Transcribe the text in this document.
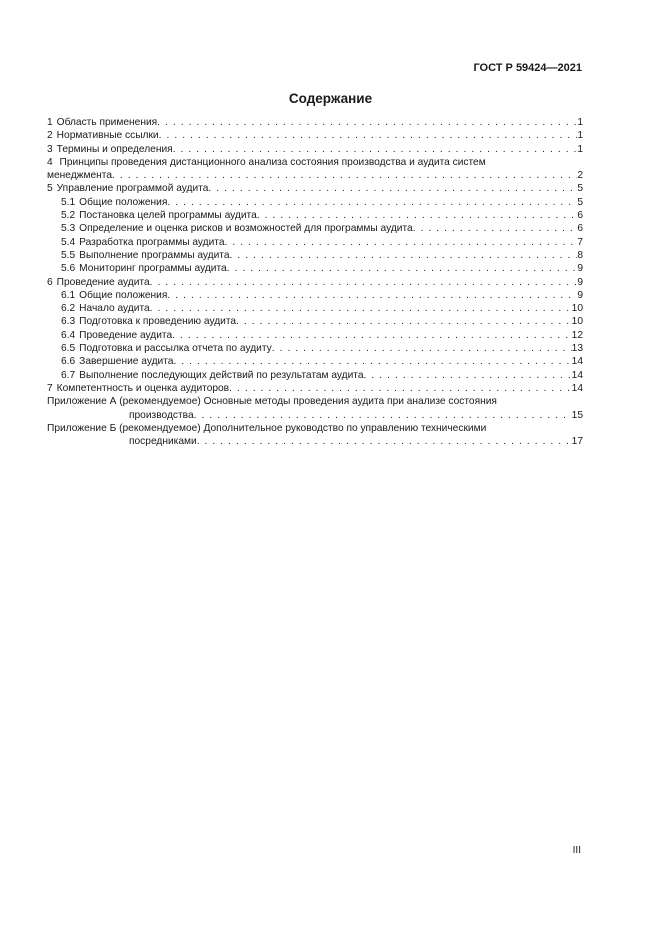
ГОСТ Р 59424—2021
Содержание
1 Область применения . . .	1
2 Нормативные ссылки . . .	1
3 Термины и определения . . .	1
4 Принципы проведения дистанционного анализа состояния производства и аудита систем
менеджмента . . .	2
5 Управление программой аудита . . .	5
5.1 Общие положения . . .	5
5.2 Постановка целей программы аудита . . .	6
5.3 Определение и оценка рисков и возможностей для программы аудита . . .	6
5.4 Разработка программы аудита . . .	7
5.5 Выполнение программы аудита . . .	8
5.6 Мониторинг программы аудита . . .	9
6 Проведение аудита . . .	9
6.1 Общие положения . . .	9
6.2 Начало аудита . . .	10
6.3 Подготовка к проведению аудита . . .	10
6.4 Проведение аудита . . .	12
6.5 Подготовка и рассылка отчета по аудиту . . .	13
6.6 Завершение аудита . . .	14
6.7 Выполнение последующих действий по результатам аудита . . .	14
7 Компетентность и оценка аудиторов . . .	14
Приложение А (рекомендуемое) Основные методы проведения аудита при анализе состояния
производства . . .	15
Приложение Б (рекомендуемое) Дополнительное руководство по управлению техническими
посредниками . . .	17
III
